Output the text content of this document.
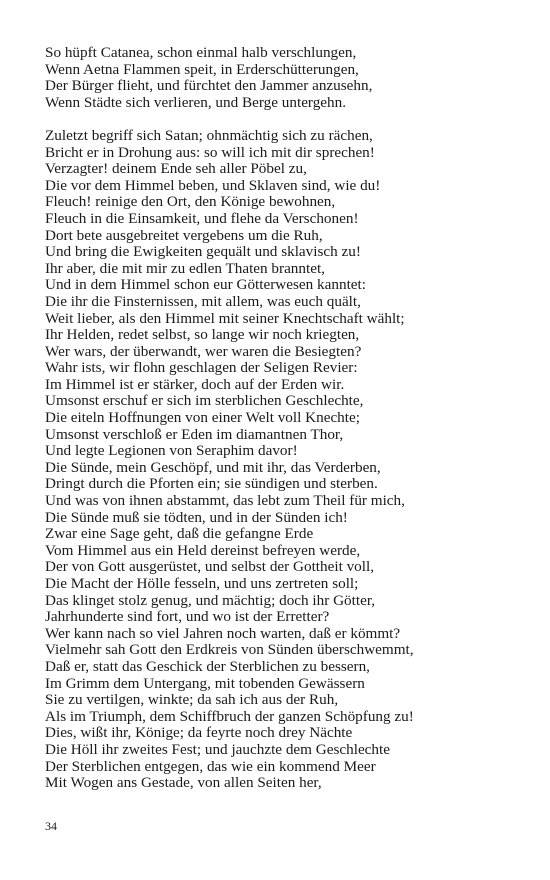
So hüpft Catanea, schon einmal halb verschlungen,
Wenn Aetna Flammen speit, in Erderschütterungen,
Der Bürger flieht, und fürchtet den Jammer anzusehn,
Wenn Städte sich verlieren, und Berge untergehn.
Zuletzt begriff sich Satan; ohnmächtig sich zu rächen,
Bricht er in Drohung aus: so will ich mit dir sprechen!
Verzagter! deinem Ende seh aller Pöbel zu,
Die vor dem Himmel beben, und Sklaven sind, wie du!
Fleuch! reinige den Ort, den Könige bewohnen,
Fleuch in die Einsamkeit, und flehe da Verschonen!
Dort bete ausgebreitet vergebens um die Ruh,
Und bring die Ewigkeiten gequält und sklavisch zu!
Ihr aber, die mit mir zu edlen Thaten branntet,
Und in dem Himmel schon eur Götterwesen kanntet:
Die ihr die Finsternissen, mit allem, was euch quält,
Weit lieber, als den Himmel mit seiner Knechtschaft wählt;
Ihr Helden, redet selbst, so lange wir noch kriegten,
Wer wars, der überwandt, wer waren die Besiegten?
Wahr ists, wir flohn geschlagen der Seligen Revier:
Im Himmel ist er stärker, doch auf der Erden wir.
Umsonst erschuf er sich im sterblichen Geschlechte,
Die eiteln Hoffnungen von einer Welt voll Knechte;
Umsonst verschloß er Eden im diamantnen Thor,
Und legte Legionen von Seraphim davor!
Die Sünde, mein Geschöpf, und mit ihr, das Verderben,
Dringt durch die Pforten ein; sie sündigen und sterben.
Und was von ihnen abstammt, das lebt zum Theil für mich,
Die Sünde muß sie tödten, und in der Sünden ich!
Zwar eine Sage geht, daß die gefangne Erde
Vom Himmel aus ein Held dereinst befreyen werde,
Der von Gott ausgerüstet, und selbst der Gottheit voll,
Die Macht der Hölle fesseln, und uns zertreten soll;
Das klinget stolz genug, und mächtig; doch ihr Götter,
Jahrhunderte sind fort, und wo ist der Erretter?
Wer kann nach so viel Jahren noch warten, daß er kömmt?
Vielmehr sah Gott den Erdkreis von Sünden überschwemmt,
Daß er, statt das Geschick der Sterblichen zu bessern,
Im Grimm dem Untergang, mit tobenden Gewässern
Sie zu vertilgen, winkte; da sah ich aus der Ruh,
Als im Triumph, dem Schiffbruch der ganzen Schöpfung zu!
Dies, wißt ihr, Könige; da feyrte noch drey Nächte
Die Höll ihr zweites Fest; und jauchzte dem Geschlechte
Der Sterblichen entgegen, das wie ein kommend Meer
Mit Wogen ans Gestade, von allen Seiten her,
34
